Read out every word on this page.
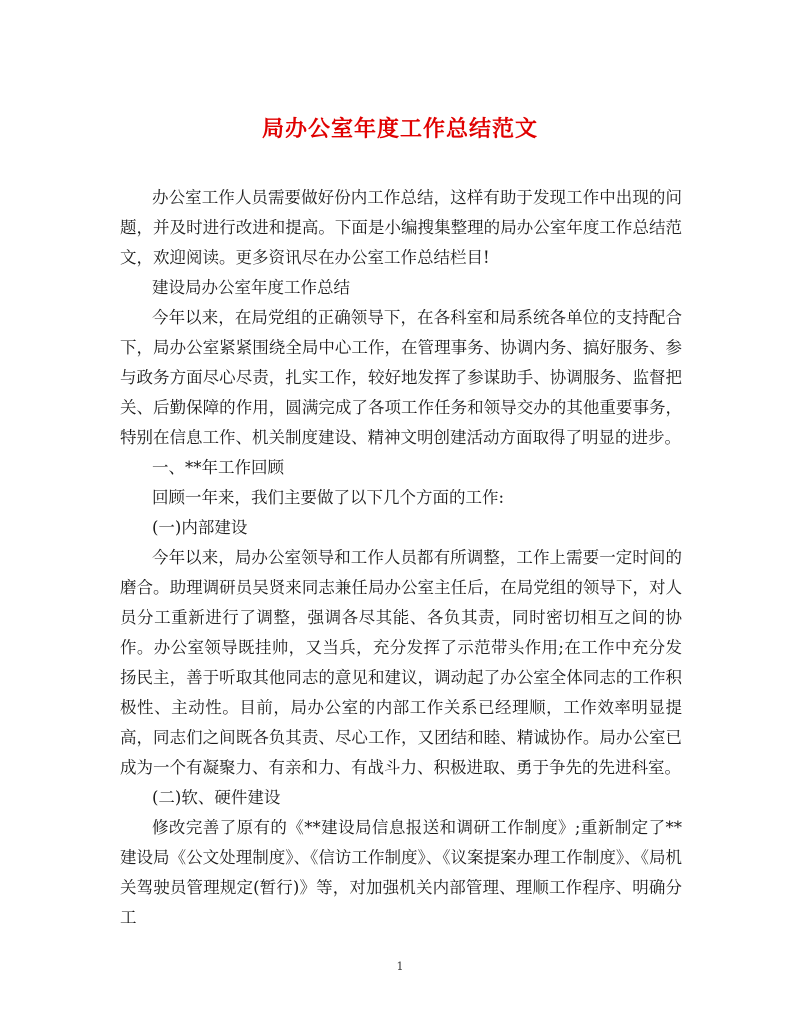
局办公室年度工作总结范文

办公室工作人员需要做好份内工作总结，这样有助于发现工作中出现的问题，并及时进行改进和提高。下面是小编搜集整理的局办公室年度工作总结范文，欢迎阅读。更多资讯尽在办公室工作总结栏目!

建设局办公室年度工作总结

今年以来，在局党组的正确领导下，在各科室和局系统各单位的支持配合下，局办公室紧紧围绕全局中心工作，在管理事务、协调内务、搞好服务、参与政务方面尽心尽责，扎实工作，较好地发挥了参谋助手、协调服务、监督把关、后勤保障的作用，圆满完成了各项工作任务和领导交办的其他重要事务，特别在信息工作、机关制度建设、精神文明创建活动方面取得了明显的进步。

一、**年工作回顾

回顾一年来，我们主要做了以下几个方面的工作:

(一)内部建设

今年以来，局办公室领导和工作人员都有所调整，工作上需要一定时间的磨合。助理调研员吴贤来同志兼任局办公室主任后，在局党组的领导下，对人员分工重新进行了调整，强调各尽其能、各负其责，同时密切相互之间的协作。办公室领导既挂帅，又当兵，充分发挥了示范带头作用;在工作中充分发扬民主，善于听取其他同志的意见和建议，调动起了办公室全体同志的工作积极性、主动性。目前，局办公室的内部工作关系已经理顺，工作效率明显提高，同志们之间既各负其责、尽心工作，又团结和睦、精诚协作。局办公室已成为一个有凝聚力、有亲和力、有战斗力、积极进取、勇于争先的先进科室。

(二)软、硬件建设

修改完善了原有的《**建设局信息报送和调研工作制度》;重新制定了**建设局《公文处理制度》、《信访工作制度》、《议案提案办理工作制度》、《局机关驾驶员管理规定(暂行)》等，对加强机关内部管理、理顺工作程序、明确分工

1
